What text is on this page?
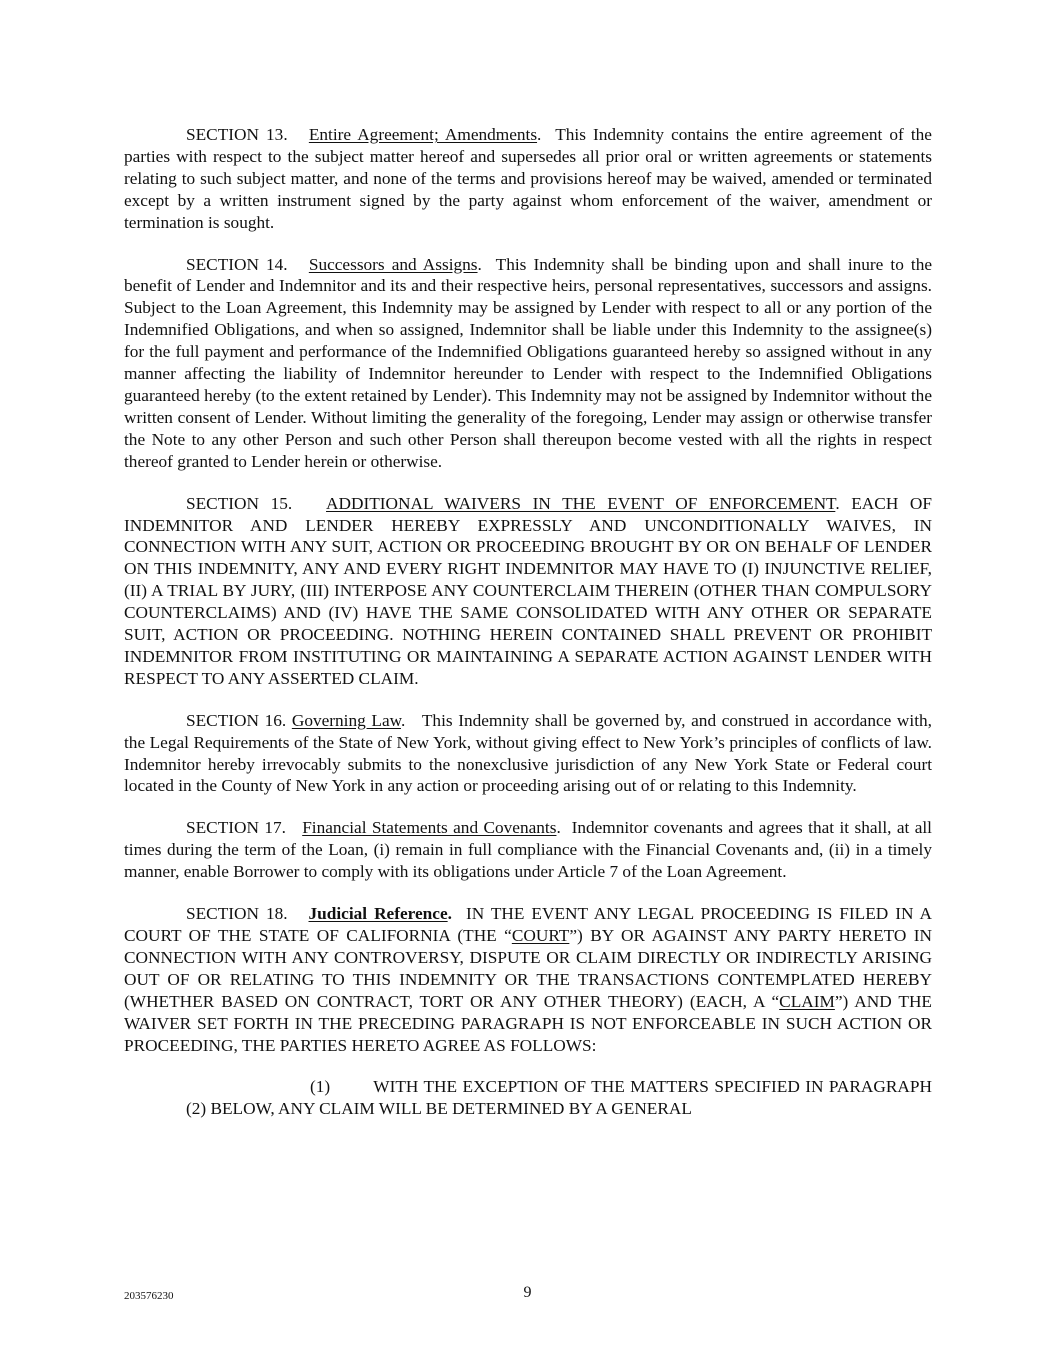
SECTION 13. Entire Agreement; Amendments.  This Indemnity contains the entire agreement of the parties with respect to the subject matter hereof and supersedes all prior oral or written agreements or statements relating to such subject matter, and none of the terms and provisions hereof may be waived, amended or terminated except by a written instrument signed by the party against whom enforcement of the waiver, amendment or termination is sought.

SECTION 14. Successors and Assigns.  This Indemnity shall be binding upon and shall inure to the benefit of Lender and Indemnitor and its and their respective heirs, personal representatives, successors and assigns. Subject to the Loan Agreement, this Indemnity may be assigned by Lender with respect to all or any portion of the Indemnified Obligations, and when so assigned, Indemnitor shall be liable under this Indemnity to the assignee(s) for the full payment and performance of the Indemnified Obligations guaranteed hereby so assigned without in any manner affecting the liability of Indemnitor hereunder to Lender with respect to the Indemnified Obligations guaranteed hereby (to the extent retained by Lender). This Indemnity may not be assigned by Indemnitor without the written consent of Lender. Without limiting the generality of the foregoing, Lender may assign or otherwise transfer the Note to any other Person and such other Person shall thereupon become vested with all the rights in respect thereof granted to Lender herein or otherwise.

SECTION 15. ADDITIONAL WAIVERS IN THE EVENT OF ENFORCEMENT. EACH OF INDEMNITOR AND LENDER HEREBY EXPRESSLY AND UNCONDITIONALLY WAIVES, IN CONNECTION WITH ANY SUIT, ACTION OR PROCEEDING BROUGHT BY OR ON BEHALF OF LENDER ON THIS INDEMNITY, ANY AND EVERY RIGHT INDEMNITOR MAY HAVE TO (I) INJUNCTIVE RELIEF, (II) A TRIAL BY JURY, (III) INTERPOSE ANY COUNTERCLAIM THEREIN (OTHER THAN COMPULSORY COUNTERCLAIMS) AND (IV) HAVE THE SAME CONSOLIDATED WITH ANY OTHER OR SEPARATE SUIT, ACTION OR PROCEEDING. NOTHING HEREIN CONTAINED SHALL PREVENT OR PROHIBIT INDEMNITOR FROM INSTITUTING OR MAINTAINING A SEPARATE ACTION AGAINST LENDER WITH RESPECT TO ANY ASSERTED CLAIM.

SECTION 16. Governing Law.   This Indemnity shall be governed by, and construed in accordance with, the Legal Requirements of the State of New York, without giving effect to New York’s principles of conflicts of law. Indemnitor hereby irrevocably submits to the nonexclusive jurisdiction of any New York State or Federal court located in the County of New York in any action or proceeding arising out of or relating to this Indemnity.

SECTION 17. Financial Statements and Covenants.  Indemnitor covenants and agrees that it shall, at all times during the term of the Loan, (i) remain in full compliance with the Financial Covenants and, (ii) in a timely manner, enable Borrower to comply with its obligations under Article 7 of the Loan Agreement.

SECTION 18. Judicial Reference. IN THE EVENT ANY LEGAL PROCEEDING IS FILED IN A COURT OF THE STATE OF CALIFORNIA (THE “COURT”) BY OR AGAINST ANY PARTY HERETO IN CONNECTION WITH ANY CONTROVERSY, DISPUTE OR CLAIM DIRECTLY OR INDIRECTLY ARISING OUT OF OR RELATING TO THIS INDEMNITY OR THE TRANSACTIONS CONTEMPLATED HEREBY (WHETHER BASED ON CONTRACT, TORT OR ANY OTHER THEORY) (EACH, A “CLAIM”) AND THE WAIVER SET FORTH IN THE PRECEDING PARAGRAPH IS NOT ENFORCEABLE IN SUCH ACTION OR PROCEEDING, THE PARTIES HERETO AGREE AS FOLLOWS:

(1) WITH THE EXCEPTION OF THE MATTERS SPECIFIED IN PARAGRAPH (2) BELOW, ANY CLAIM WILL BE DETERMINED BY A GENERAL

203576230	9
